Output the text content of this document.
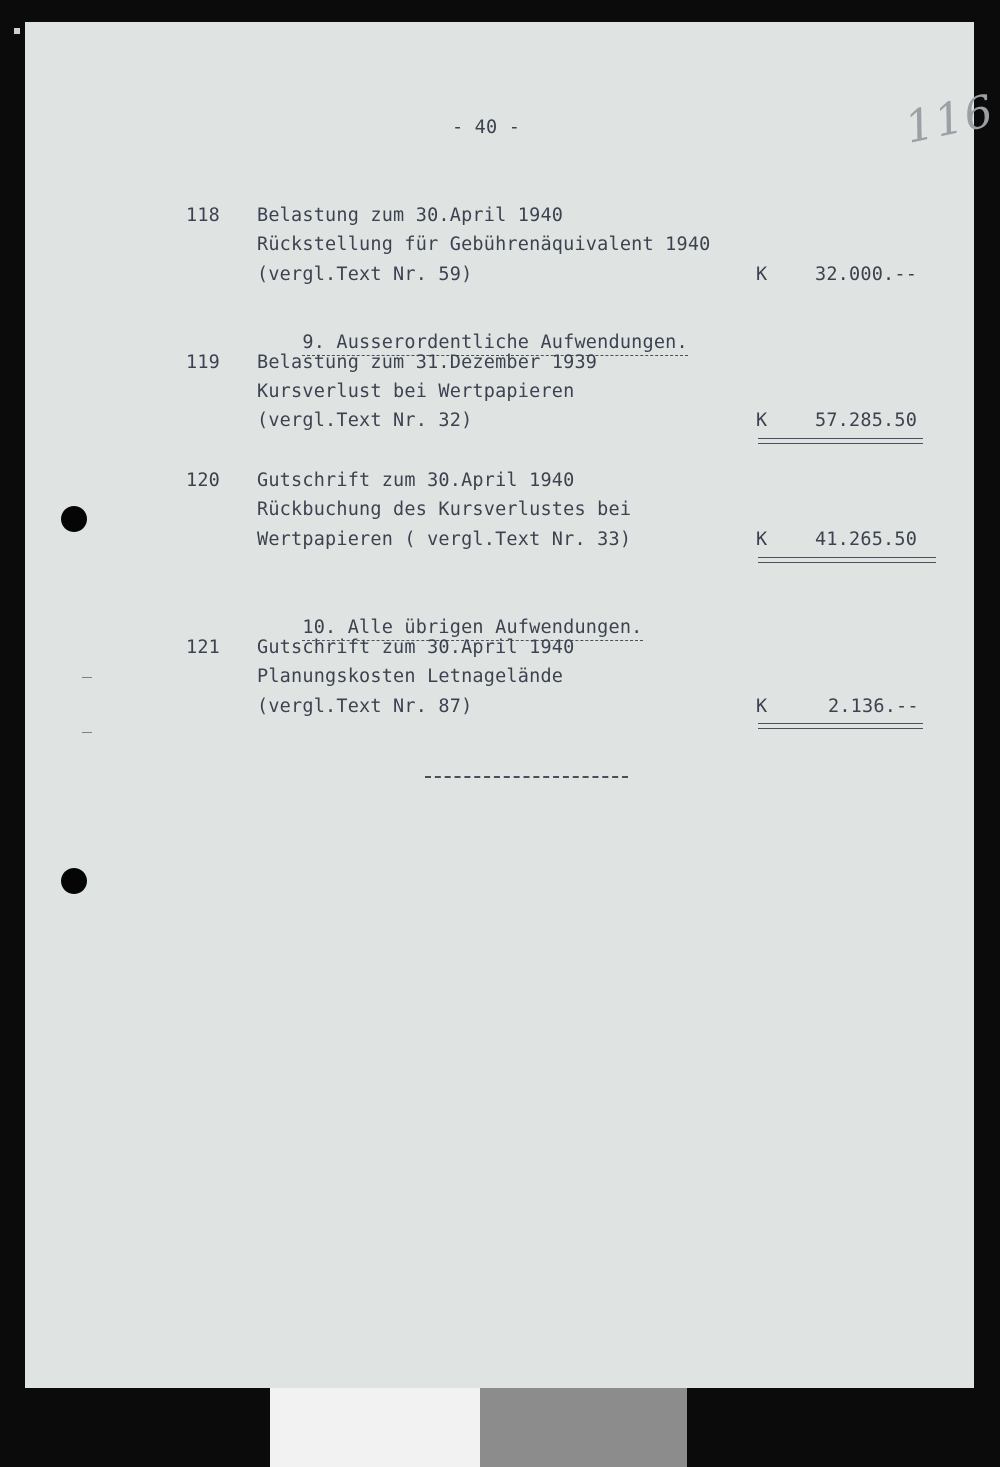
116
- 40 -
118 Belastung zum 30.April 1940
Rückstellung für Gebührenäquivalent 1940
(vergl.Text Nr. 59)	K	32.000.--

9. Ausserordentliche Aufwendungen.

119 Belastung zum 31.Dezember 1939
Kursverlust bei Wertpapieren
(vergl.Text Nr. 32)	K	57.285.50
120 Gutschrift zum 30.April 1940
Rückbuchung des Kursverlustes bei
Wertpapieren ( vergl.Text Nr. 33)	K	41.265.50

10. Alle übrigen Aufwendungen.

121 Gutschrift zum 30.April 1940
Planungskosten Letnagelände
(vergl.Text Nr. 87)	K	2.136.--
